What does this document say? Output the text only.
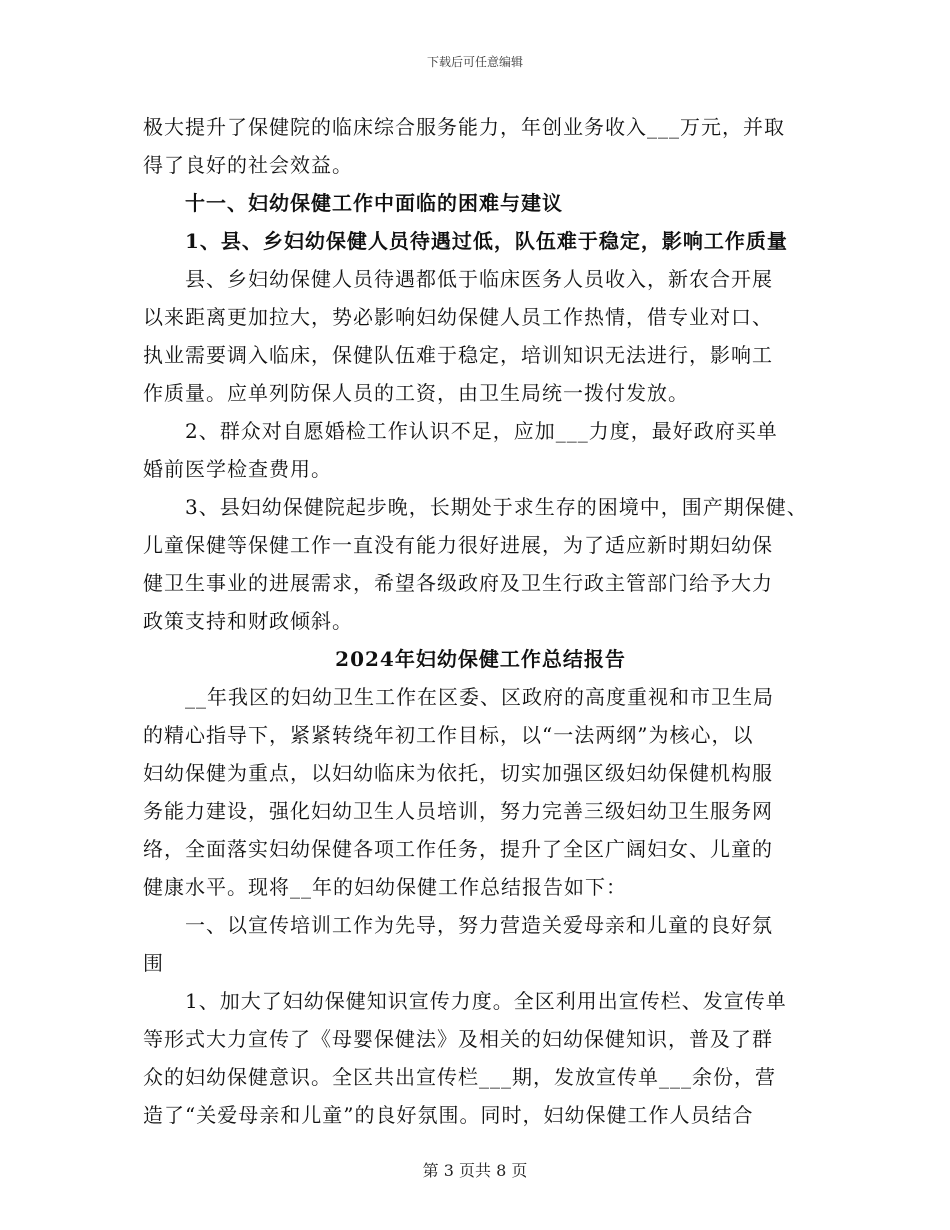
下载后可任意编辑

极大提升了保健院的临床综合服务能力，年创业务收入___万元，并取
得了良好的社会效益。

十一、妇幼保健工作中面临的困难与建议

1、县、乡妇幼保健人员待遇过低，队伍难于稳定，影响工作质量

县、乡妇幼保健人员待遇都低于临床医务人员收入，新农合开展
以来距离更加拉大，势必影响妇幼保健人员工作热情，借专业对口、
执业需要调入临床，保健队伍难于稳定，培训知识无法进行，影响工
作质量。应单列防保人员的工资，由卫生局统一拨付发放。

2、群众对自愿婚检工作认识不足，应加___力度，最好政府买单
婚前医学检查费用。

3、县妇幼保健院起步晚，长期处于求生存的困境中，围产期保健、
儿童保健等保健工作一直没有能力很好进展，为了适应新时期妇幼保
健卫生事业的进展需求，希望各级政府及卫生行政主管部门给予大力
政策支持和财政倾斜。

2024年妇幼保健工作总结报告

__年我区的妇幼卫生工作在区委、区政府的高度重视和市卫生局
的精心指导下，紧紧转绕年初工作目标，以“一法两纲”为核心，以
妇幼保健为重点，以妇幼临床为依托，切实加强区级妇幼保健机构服
务能力建设，强化妇幼卫生人员培训，努力完善三级妇幼卫生服务网
络，全面落实妇幼保健各项工作任务，提升了全区广阔妇女、儿童的
健康水平。现将__年的妇幼保健工作总结报告如下：

一、以宣传培训工作为先导，努力营造关爱母亲和儿童的良好氛
围

1、加大了妇幼保健知识宣传力度。全区利用出宣传栏、发宣传单
等形式大力宣传了《母婴保健法》及相关的妇幼保健知识，普及了群
众的妇幼保健意识。全区共出宣传栏___期，发放宣传单___余份，营
造了“关爱母亲和儿童”的良好氛围。同时，妇幼保健工作人员结合

第 3 页共 8 页
